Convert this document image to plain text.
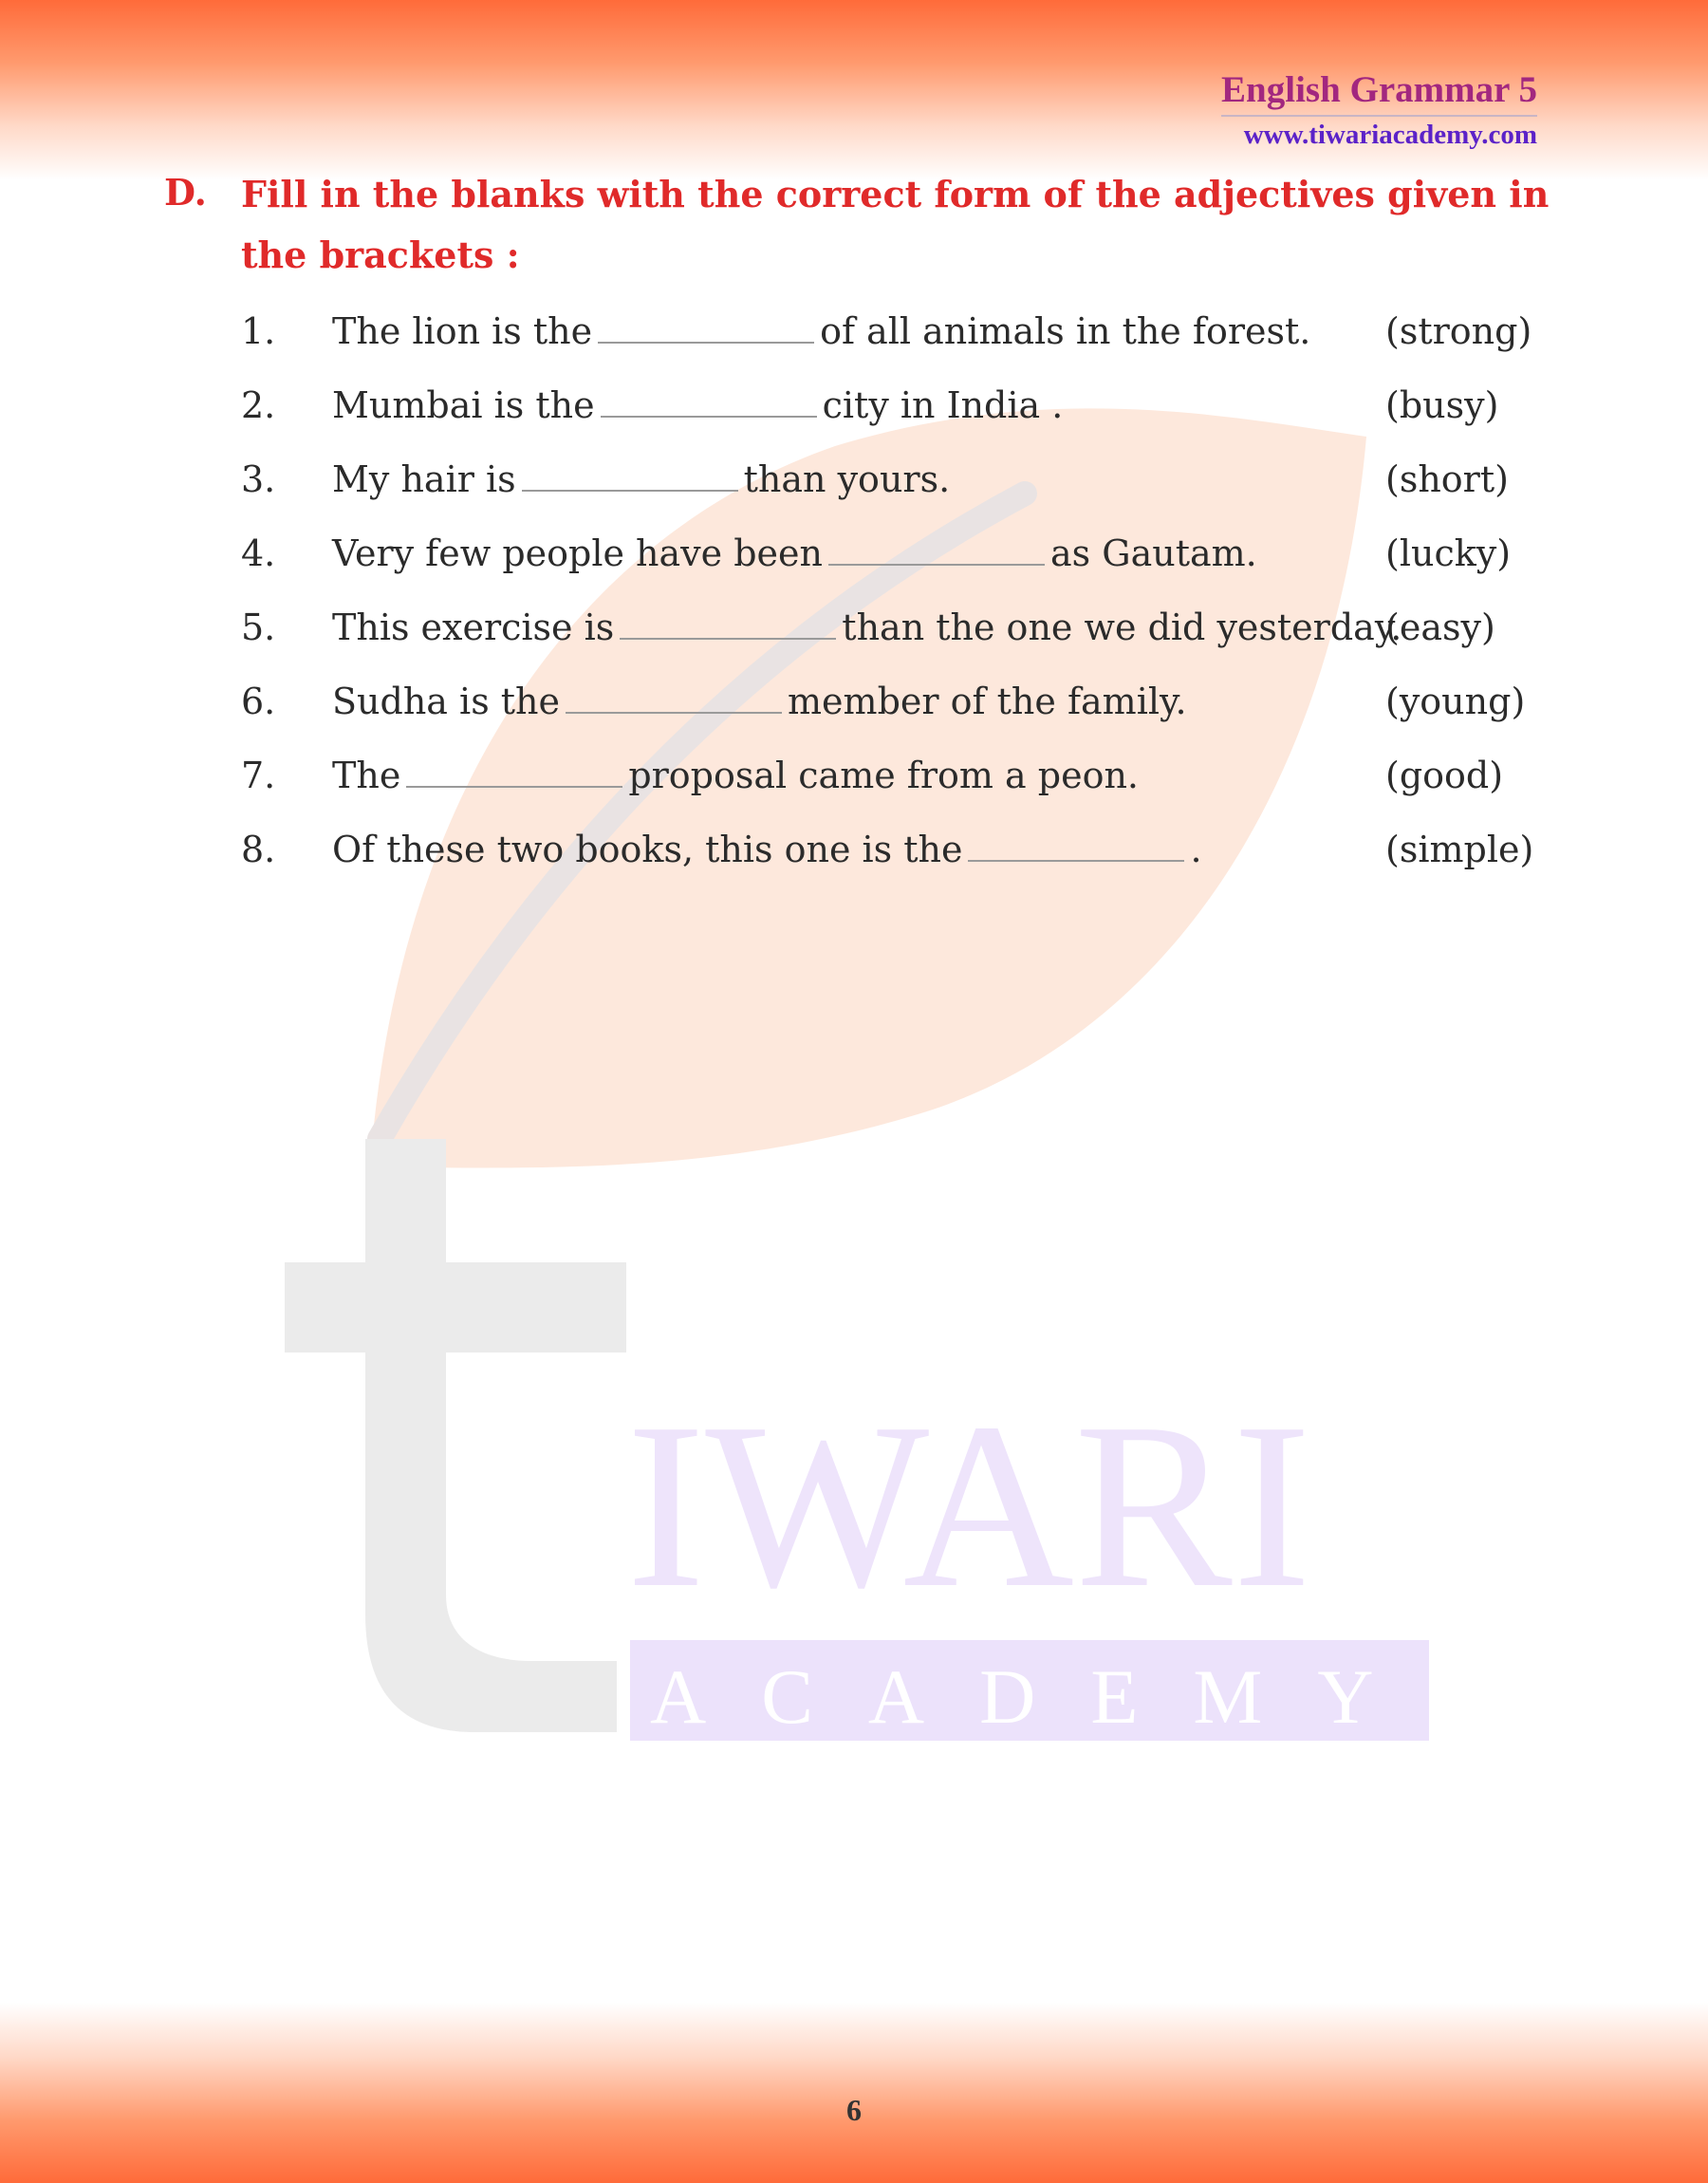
IWARI
ACADEMY
English Grammar 5
www.tiwariacademy.com
D. Fill in the blanks with the correct form of the adjectives given in the brackets :
1. The lion is the	of all animals in the forest. (strong)
2. Mumbai is the	city in India .	(busy)
3. My hair is	than yours.	(short)
4. Very few people have been	as Gautam.	(lucky)
5. This exercise is	than the one we did yesterday.
(easy)
6. Sudha is the	member of the family.	(young)
7. The	proposal came from a peon.	(good)
8. Of these two books, this one is the	.	(simple)
6
